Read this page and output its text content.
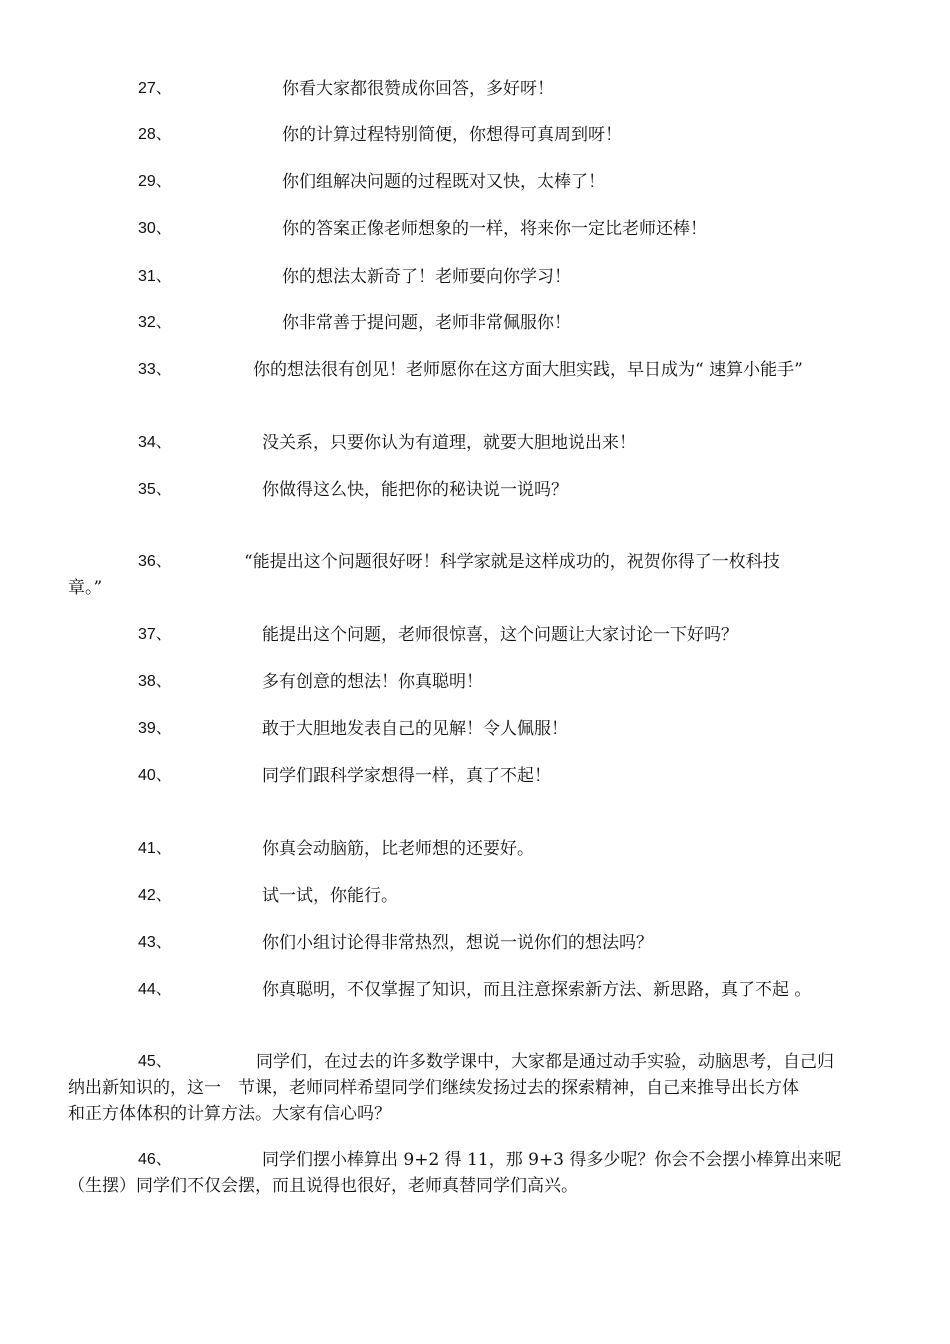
27、	你看大家都很赞成你回答，多好呀！
28、	你的计算过程特别简便，你想得可真周到呀！
29、	你们组解决问题的过程既对又快，太棒了！
30、	你的答案正像老师想象的一样，将来你一定比老师还棒！
31、	你的想法太新奇了！老师要向你学习！
32、	你非常善于提问题，老师非常佩服你！
33、	你的想法很有创见！老师愿你在这方面大胆实践，早日成为“ 速算小能手”
34、	没关系，只要你认为有道理，就要大胆地说出来！
35、	你做得这么快，能把你的秘诀说一说吗？
36、	“能提出这个问题很好呀！科学家就是这样成功的，祝贺你得了一枚科技
章。”
37、	能提出这个问题，老师很惊喜，这个问题让大家讨论一下好吗？
38、	多有创意的想法！你真聪明！
39、	敢于大胆地发表自己的见解！令人佩服！
40、	同学们跟科学家想得一样，真了不起！
41、	你真会动脑筋，比老师想的还要好。
42、	试一试，你能行。
43、	你们小组讨论得非常热烈，想说一说你们的想法吗？
44、	你真聪明，不仅掌握了知识，而且注意探索新方法、新思路，真了不起 。
45、	同学们，在过去的许多数学课中，大家都是通过动手实验，动脑思考，自己归
纳出新知识的，这一　节课，老师同样希望同学们继续发扬过去的探索精神，自己来推导出长方体
和正方体体积的计算方法。大家有信心吗？
46、	同学们摆小棒算出 9+2 得 11，那 9+3 得多少呢？你会不会摆小棒算出来呢
（生摆）同学们不仅会摆，而且说得也很好，老师真替同学们高兴。
